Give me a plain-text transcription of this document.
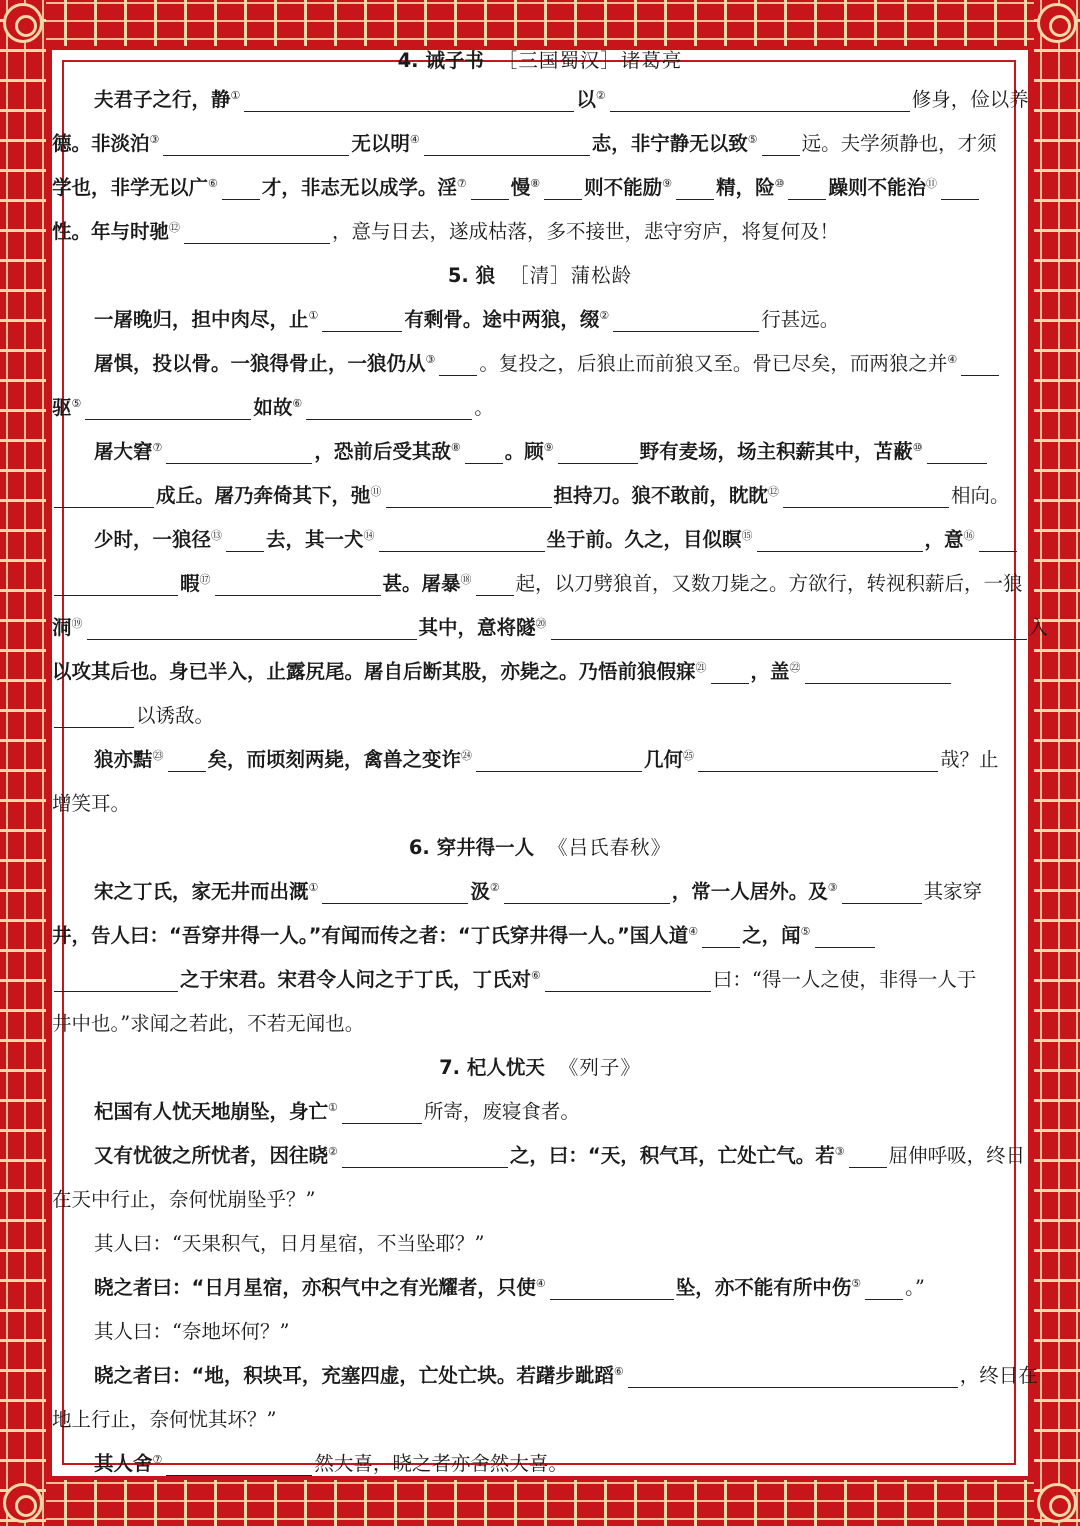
4. 诫子书 ［三国蜀汉］诸葛亮
夫君子之行，静①	以②	修身，俭以养
德。非淡泊③	无以明④	志，非宁静无以致⑤ 远。夫学须静也，才须
学也，非学无以广⑥ 才，非志无以成学。淫⑦ 慢⑧ 则不能励⑨ 精，险⑩ 躁则不能治⑪
性。年与时驰⑫	，意与日去，遂成枯落，多不接世，悲守穷庐，将复何及！
5. 狼 ［清］蒲松龄
一屠晚归，担中肉尽，止①	有剩骨。途中两狼，缀②	行甚远。
屠惧，投以骨。一狼得骨止，一狼仍从③ 。复投之，后狼止而前狼又至。骨已尽矣，而两狼之并④
驱⑤	如故⑥	。
屠大窘⑦	，恐前后受其敌⑧ 。顾⑨	野有麦场，场主积薪其中，苫蔽⑩
成丘。屠乃奔倚其下，弛⑪	担持刀。狼不敢前，眈眈⑫	相向。
少时，一狼径⑬ 去，其一犬⑭	坐于前。久之，目似瞑⑮	，意⑯
暇⑰	甚。屠暴⑱ 起，以刀劈狼首，又数刀毙之。方欲行，转视积薪后，一狼
洞⑲	其中，意将隧⑳	入
以攻其后也。身已半入，止露尻尾。屠自后断其股，亦毙之。乃悟前狼假寐$^㉑$ ，盖$^㉒$
以诱敌。
狼亦黠$^㉓$ 矣，而顷刻两毙，禽兽之变诈$^㉔$	几何$^㉕$	哉？止
增笑耳。
6. 穿井得一人 《吕氏春秋》
宋之丁氏，家无井而出溉①	汲②	，常一人居外。及③	其家穿
井，告人曰：“吾穿井得一人。”有闻而传之者：“丁氏穿井得一人。”国人道④ 之，闻⑤
之于宋君。宋君令人问之于丁氏，丁氏对⑥	曰：“得一人之使，非得一人于
井中也。”求闻之若此，不若无闻也。
7. 杞人忧天 《列子》
杞国有人忧天地崩坠，身亡①	所寄，废寝食者。
又有忧彼之所忧者，因往晓②	之，曰：“天，积气耳，亡处亡气。若③ 屈伸呼吸，终日
在天中行止，奈何忧崩坠乎？”
其人曰：“天果积气，日月星宿，不当坠耶？”
晓之者曰：“日月星宿，亦积气中之有光耀者，只使④	坠，亦不能有所中伤⑤ 。”
其人曰：“奈地坏何？”
晓之者曰：“地，积块耳，充塞四虚，亡处亡块。若躇步跐蹈⑥	，终日在
地上行止，奈何忧其坏？”
其人舍⑦	然大喜，晓之者亦舍然大喜。
